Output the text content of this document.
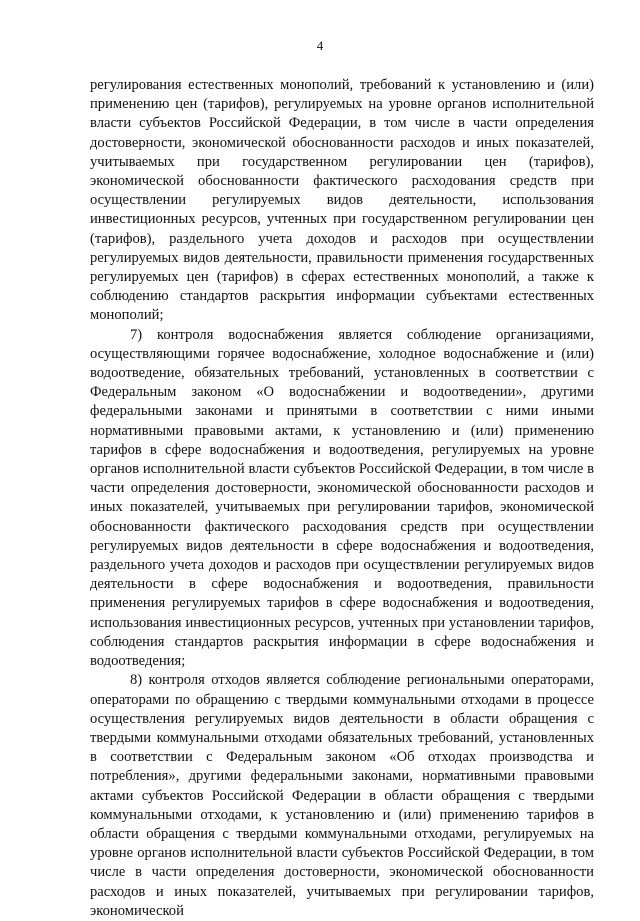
4

регулирования естественных монополий, требований к установлению и (или) применению цен (тарифов), регулируемых на уровне органов исполнительной власти субъектов Российской Федерации, в том числе в части определения достоверности, экономической обоснованности расходов и иных показателей, учитываемых при государственном регулировании цен (тарифов), экономической обоснованности фактического расходования средств при осуществлении регулируемых видов деятельности, использования инвестиционных ресурсов, учтенных при государственном регулировании цен (тарифов), раздельного учета доходов и расходов при осуществлении регулируемых видов деятельности, правильности применения государственных регулируемых цен (тарифов) в сферах естественных монополий, а также к соблюдению стандартов раскрытия информации субъектами естественных монополий;

7) контроля водоснабжения является соблюдение организациями, осуществляющими горячее водоснабжение, холодное водоснабжение и (или) водоотведение, обязательных требований, установленных в соответствии с Федеральным законом «О водоснабжении и водоотведении», другими федеральными законами и принятыми в соответствии с ними иными нормативными правовыми актами, к установлению и (или) применению тарифов в сфере водоснабжения и водоотведения, регулируемых на уровне органов исполнительной власти субъектов Российской Федерации, в том числе в части определения достоверности, экономической обоснованности расходов и иных показателей, учитываемых при регулировании тарифов, экономической обоснованности фактического расходования средств при осуществлении регулируемых видов деятельности в сфере водоснабжения и водоотведения, раздельного учета доходов и расходов при осуществлении регулируемых видов деятельности в сфере водоснабжения и водоотведения, правильности применения регулируемых тарифов в сфере водоснабжения и водоотведения, использования инвестиционных ресурсов, учтенных при установлении тарифов, соблюдения стандартов раскрытия информации в сфере водоснабжения и водоотведения;

8) контроля отходов является соблюдение региональными операторами, операторами по обращению с твердыми коммунальными отходами в процессе осуществления регулируемых видов деятельности в области обращения с твердыми коммунальными отходами обязательных требований, установленных в соответствии с Федеральным законом «Об отходах производства и потребления», другими федеральными законами, нормативными правовыми актами субъектов Российской Федерации в области обращения с твердыми коммунальными отходами, к установлению и (или) применению тарифов в области обращения с твердыми коммунальными отходами, регулируемых на уровне органов исполнительной власти субъектов Российской Федерации, в том числе в части определения достоверности, экономической обоснованности расходов и иных показателей, учитываемых при регулировании тарифов, экономической
